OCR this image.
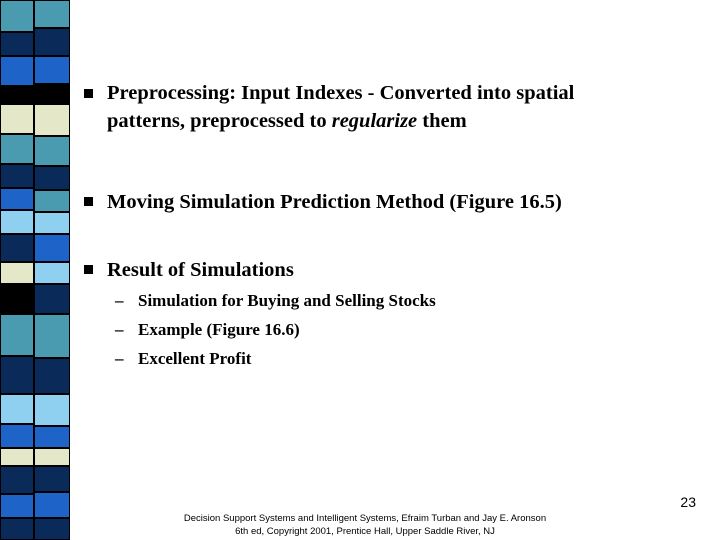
Preprocessing: Input Indexes - Converted into spatial
patterns, preprocessed to regularize them
Moving Simulation Prediction Method (Figure 16.5)
Result of Simulations
– Simulation for Buying and Selling Stocks
– Example (Figure 16.6)
– Excellent Profit
23
Decision Support Systems and Intelligent Systems, Efraim Turban and Jay E. Aronson
6th ed, Copyright 2001, Prentice Hall, Upper Saddle River, NJ
